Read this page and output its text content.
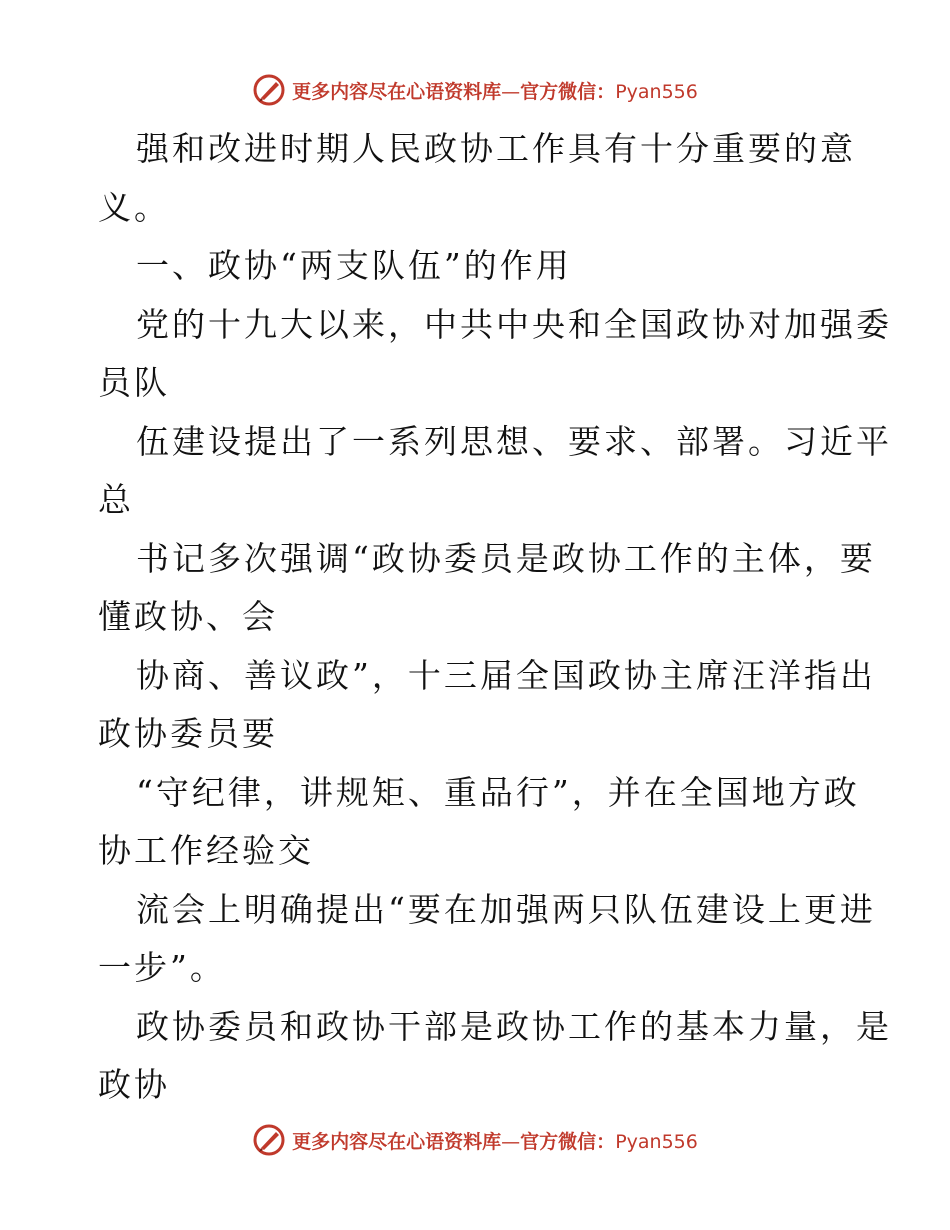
更多内容尽在心语资料库—官方微信：Pyan556
强和改进时期人民政协工作具有十分重要的意
义。
一、政协“两支队伍”的作用
党的十九大以来，中共中央和全国政协对加强委
员队
伍建设提出了一系列思想、要求、部署。习近平
总
书记多次强调“政协委员是政协工作的主体，要
懂政协、会
协商、善议政”，十三届全国政协主席汪洋指出
政协委员要
“守纪律，讲规矩、重品行”，并在全国地方政
协工作经验交
流会上明确提出“要在加强两只队伍建设上更进
一步”。
政协委员和政协干部是政协工作的基本力量，是
政协
更多内容尽在心语资料库—官方微信：Pyan556
